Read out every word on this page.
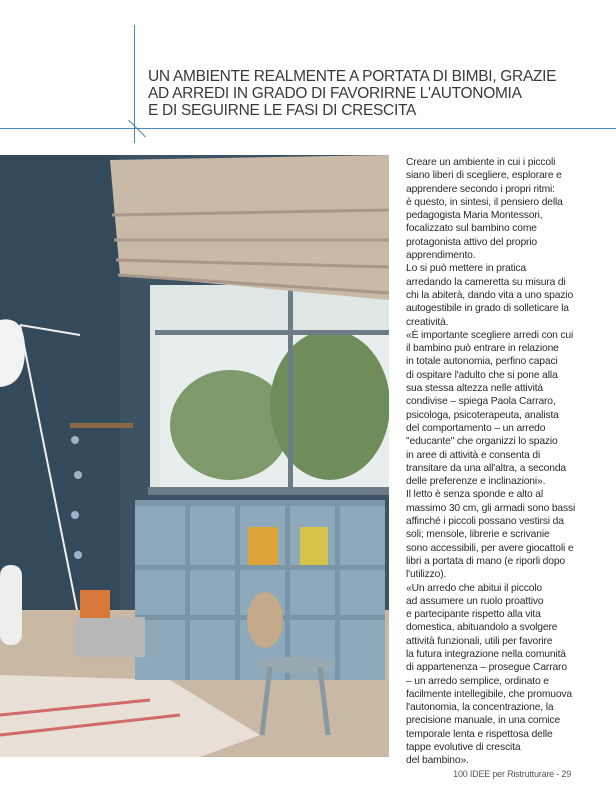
UN AMBIENTE REALMENTE A PORTATA DI BIMBI, GRAZIE
AD ARREDI IN GRADO DI FAVORIRNE L'AUTONOMIA
E DI SEGUIRNE LE FASI DI CRESCITA
Creare un ambiente in cui i piccoli
siano liberi di scegliere, esplorare e
apprendere secondo i propri ritmi:
è questo, in sintesi, il pensiero della
pedagogista Maria Montessori,
focalizzato sul bambino come
protagonista attivo del proprio
apprendimento.
Lo si può mettere in pratica
arredando la cameretta su misura di
chi la abiterà, dando vita a uno spazio
autogestibile in grado di solleticare la
creatività.
«È importante scegliere arredi con cui
il bambino può entrare in relazione
in totale autonomia, perfino capaci
di ospitare l'adulto che si pone alla
sua stessa altezza nelle attività
condivise – spiega Paola Carraro,
psicologa, psicoterapeuta, analista
del comportamento – un arredo
"educante" che organizzi lo spazio
in aree di attività e consenta di
transitare da una all'altra, a seconda
delle preferenze e inclinazioni».
Il letto è senza sponde e alto al
massimo 30 cm, gli armadi sono bassi
affinché i piccoli possano vestirsi da
soli; mensole, librerie e scrivanie
sono accessibili, per avere giocattoli e
libri a portata di mano (e riporli dopo
l'utilizzo).
«Un arredo che abitui il piccolo
ad assumere un ruolo proattivo
e partecipante rispetto alla vita
domestica, abituandolo a svolgere
attività funzionali, utili per favorire
la futura integrazione nella comunità
di appartenenza – prosegue Carraro
– un arredo semplice, ordinato e
facilmente intellegibile, che promuova
l'autonomia, la concentrazione, la
precisione manuale, in una cornice
temporale lenta e rispettosa delle
tappe evolutive di crescita
del bambino».
100 IDEE per Ristrutturare - 29
